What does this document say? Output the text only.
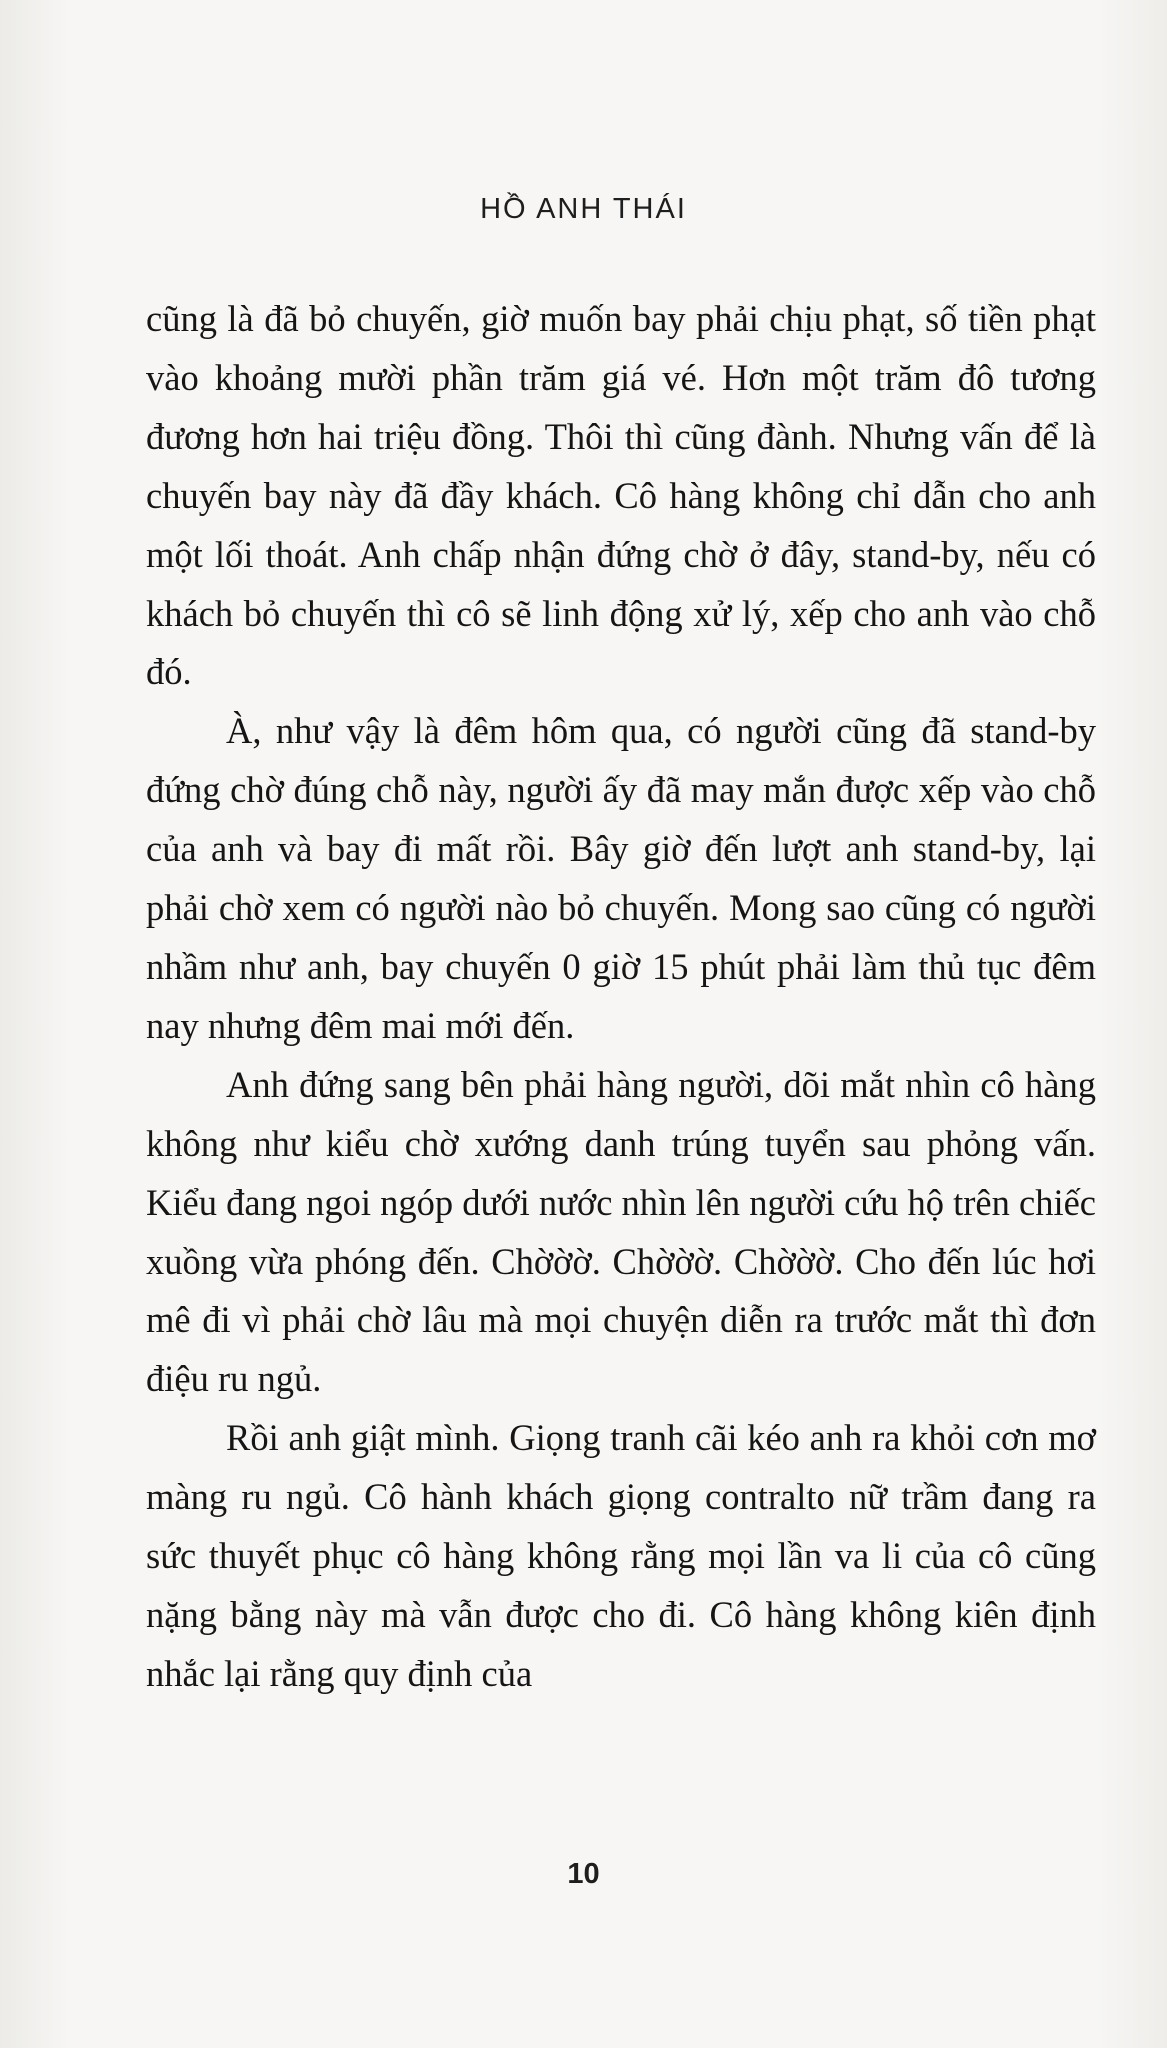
HỒ ANH THÁI

cũng là đã bỏ chuyến, giờ muốn bay phải chịu phạt, số tiền phạt vào khoảng mười phần trăm giá vé. Hơn một trăm đô tương đương hơn hai triệu đồng. Thôi thì cũng đành. Nhưng vấn để là chuyến bay này đã đầy khách. Cô hàng không chỉ dẫn cho anh một lối thoát. Anh chấp nhận đứng chờ ở đây, stand-by, nếu có khách bỏ chuyến thì cô sẽ linh động xử lý, xếp cho anh vào chỗ đó.

À, như vậy là đêm hôm qua, có người cũng đã stand-by đứng chờ đúng chỗ này, người ấy đã may mắn được xếp vào chỗ của anh và bay đi mất rồi. Bây giờ đến lượt anh stand-by, lại phải chờ xem có người nào bỏ chuyến. Mong sao cũng có người nhầm như anh, bay chuyến 0 giờ 15 phút phải làm thủ tục đêm nay nhưng đêm mai mới đến.

Anh đứng sang bên phải hàng người, dõi mắt nhìn cô hàng không như kiểu chờ xướng danh trúng tuyển sau phỏng vấn. Kiểu đang ngoi ngóp dưới nước nhìn lên người cứu hộ trên chiếc xuồng vừa phóng đến. Chờờờ. Chờờờ. Chờờờ. Cho đến lúc hơi mê đi vì phải chờ lâu mà mọi chuyện diễn ra trước mắt thì đơn điệu ru ngủ.

Rồi anh giật mình. Giọng tranh cãi kéo anh ra khỏi cơn mơ màng ru ngủ. Cô hành khách giọng contralto nữ trầm đang ra sức thuyết phục cô hàng không rằng mọi lần va li của cô cũng nặng bằng này mà vẫn được cho đi. Cô hàng không kiên định nhắc lại rằng quy định của

10
